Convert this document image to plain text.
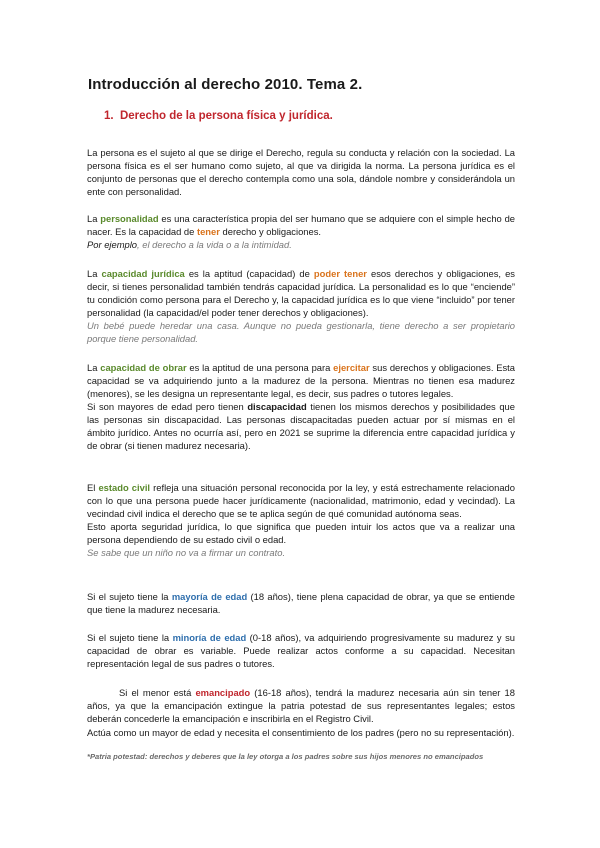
Introducción al derecho 2010. Tema 2.
1. Derecho de la persona física y jurídica.

La persona es el sujeto al que se dirige el Derecho, regula su conducta y relación con la sociedad. La persona física es el ser humano como sujeto, al que va dirigida la norma. La persona jurídica es el conjunto de personas que el derecho contempla como una sola, dándole nombre y considerándola un ente con personalidad.

La personalidad es una característica propia del ser humano que se adquiere con el simple hecho de nacer. Es la capacidad de tener derecho y obligaciones.
Por ejemplo, el derecho a la vida o a la intimidad.

La capacidad jurídica es la aptitud (capacidad) de poder tener esos derechos y obligaciones, es decir, si tienes personalidad también tendrás capacidad jurídica. La personalidad es lo que “enciende” tu condición como persona para el Derecho y, la capacidad jurídica es lo que viene “incluido” por tener personalidad (la capacidad/el poder tener derechos y obligaciones).
Un bebé puede heredar una casa. Aunque no pueda gestionarla, tiene derecho a ser propietario porque tiene personalidad.

La capacidad de obrar es la aptitud de una persona para ejercitar sus derechos y obligaciones. Esta capacidad se va adquiriendo junto a la madurez de la persona. Mientras no tienen esa madurez (menores), se les designa un representante legal, es decir, sus padres o tutores legales.
Si son mayores de edad pero tienen discapacidad tienen los mismos derechos y posibilidades que las personas sin discapacidad. Las personas discapacitadas pueden actuar por sí mismas en el ámbito jurídico. Antes no ocurría así, pero en 2021 se suprime la diferencia entre capacidad jurídica y de obrar (si tienen madurez necesaria).

El estado civil refleja una situación personal reconocida por la ley, y está estrechamente relacionado con lo que una persona puede hacer jurídicamente (nacionalidad, matrimonio, edad y vecindad). La vecindad civil indica el derecho que se te aplica según de qué comunidad autónoma seas.
Esto aporta seguridad jurídica, lo que significa que pueden intuir los actos que va a realizar una persona dependiendo de su estado civil o edad.
Se sabe que un niño no va a firmar un contrato.

Si el sujeto tiene la mayoría de edad (18 años), tiene plena capacidad de obrar, ya que se entiende que tiene la madurez necesaria.

Si el sujeto tiene la minoría de edad (0-18 años), va adquiriendo progresivamente su madurez y su capacidad de obrar es variable. Puede realizar actos conforme a su capacidad. Necesitan representación legal de sus padres o tutores.

Si el menor está emancipado (16-18 años), tendrá la madurez necesaria aún sin tener 18 años, ya que la emancipación extingue la patria potestad de sus representantes legales; estos deberán concederle la emancipación e inscribirla en el Registro Civil.

Actúa como un mayor de edad y necesita el consentimiento de los padres (pero no su representación).

*Patria potestad: derechos y deberes que la ley otorga a los padres sobre sus hijos menores no emancipados
